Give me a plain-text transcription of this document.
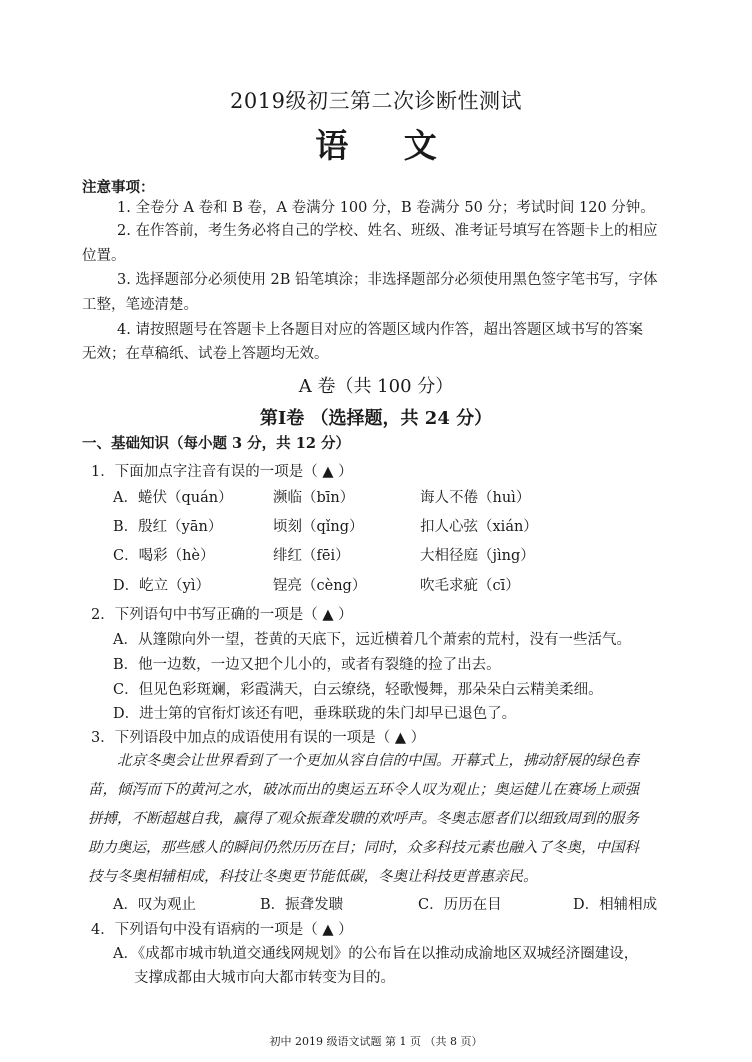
2019级初三第二次诊断性测试
语 文
注意事项：
1. 全卷分 A 卷和 B 卷，A 卷满分 100 分，B 卷满分 50 分；考试时间 120 分钟。
2. 在作答前，考生务必将自己的学校、姓名、班级、准考证号填写在答题卡上的相应
位置。
3. 选择题部分必须使用 2B 铅笔填涂；非选择题部分必须使用黑色签字笔书写，字体
工整，笔迹清楚。
4. 请按照题号在答题卡上各题目对应的答题区域内作答，超出答题区域书写的答案
无效；在草稿纸、试卷上答题均无效。
A 卷（共 100 分）
第Ⅰ卷 （选择题，共 24 分）
一、基础知识（每小题 3 分，共 12 分）
1．下面加点字注音有误的一项是（ ▲ ）
A．蜷伏（quán）	濒临（bīn）	诲人不倦（huì）
B．殷红（yān）	顷刻（qǐng）	扣人心弦（xián）
C．喝彩（hè）	绯红（fēi）	大相径庭（jìng）
D．屹立（yì）	锃亮（cèng）	吹毛求疵（cī）
2．下列语句中书写正确的一项是（ ▲ ）
A．从篷隙向外一望，苍黄的天底下，远近横着几个萧索的荒村，没有一些活气。
B．他一边数，一边又把个儿小的，或者有裂缝的捡了出去。
C．但见色彩斑斓，彩霞满天，白云缭绕，轻歌慢舞，那朵朵白云精美柔细。
D．进士第的官衔灯该还有吧，垂珠联珑的朱门却早已退色了。
3．下列语段中加点的成语使用有误的一项是（ ▲ ）
北京冬奥会让世界看到了一个更加从容自信的中国。开幕式上，拂动舒展的绿色春
苗，倾泻而下的黄河之水，破冰而出的奥运五环令人叹为观止；奥运健儿在赛场上顽强
拼搏，不断超越自我，赢得了观众振聋发聩的欢呼声。冬奥志愿者们以细致周到的服务
助力奥运，那些感人的瞬间仍然历历在目；同时，众多科技元素也融入了冬奥，中国科
技与冬奥相辅相成，科技让冬奥更节能低碳，冬奥让科技更普惠亲民。
A．叹为观止	B．振聋发聩	C．历历在目	D．相辅相成
4．下列语句中没有语病的一项是（ ▲ ）
A．《成都市城市轨道交通线网规划》的公布旨在以推动成渝地区双城经济圈建设，
支撑成都由大城市向大都市转变为目的。
初中 2019 级语文试题 第 1 页 （共 8 页）
